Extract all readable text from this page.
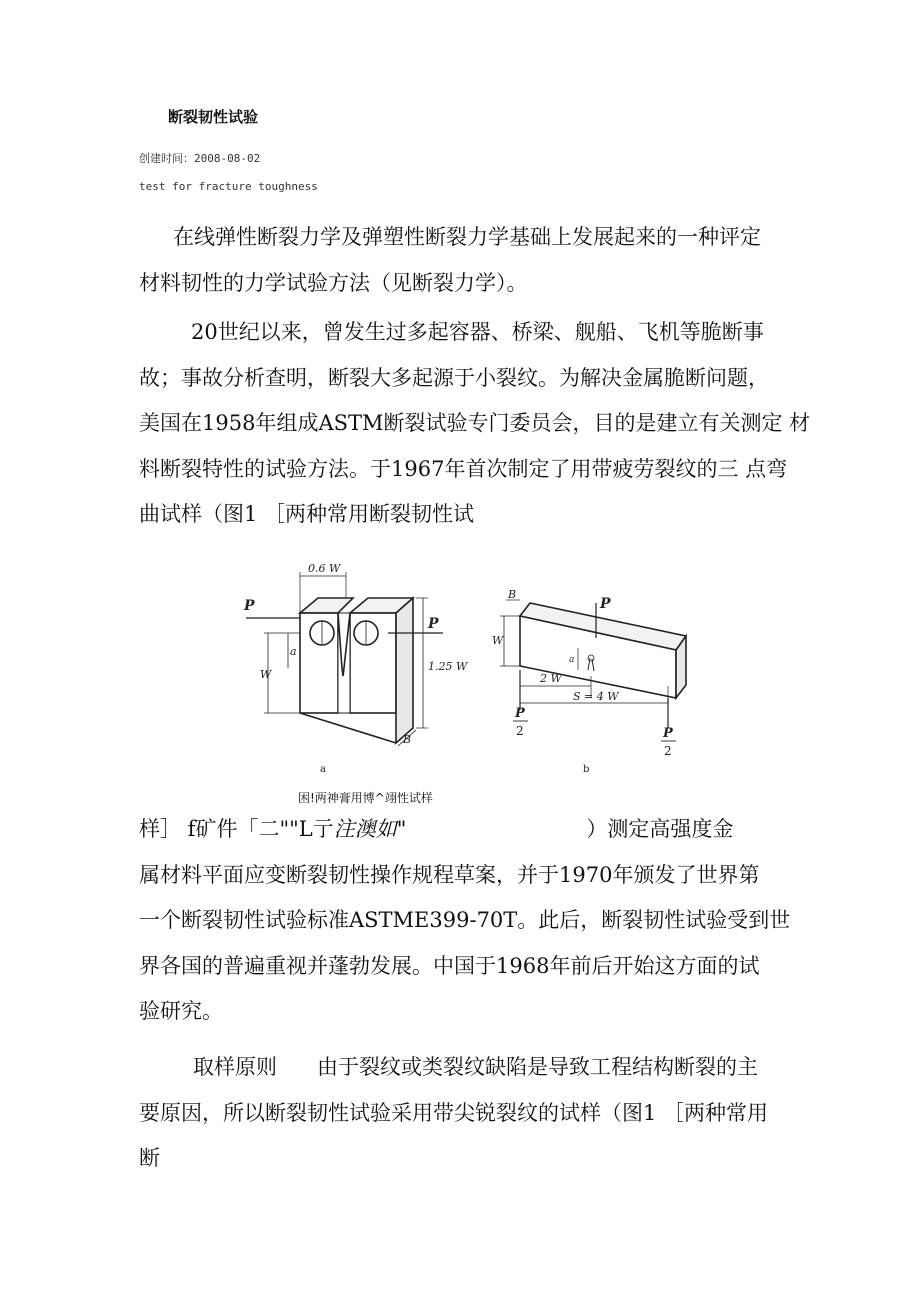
断裂韧性试验
创建时间：2008-08-02
test for fracture toughness

在线弹性断裂力学及弹塑性断裂力学基础上发展起来的一种评定
材料韧性的力学试验方法（见断裂力学）。

20世纪以来，曾发生过多起容器、桥梁、舰船、飞机等脆断事
故；事故分析查明，断裂大多起源于小裂纹。为解决金属脆断问题，
美国在1958年组成ASTM断裂试验专门委员会，目的是建立有关测定 材
料断裂特性的试验方法。于1967年首次制定了用带疲劳裂纹的三 点弯
曲试样（图1 ［两种常用断裂韧性试

0.6 W
P
W
a
P
1.25 W
B
a
B
W
P
a
2 W
S = 4 W
P
2	P
2
b
困!两神膏用博^翊性试样

样］ f矿件「二""L亍注澳如"	）测定高强度金
属材料平面应变断裂韧性操作规程草案，并于1970年颁发了世界第
一个断裂韧性试验标准ASTME399-70T。此后，断裂韧性试验受到世
界各国的普遍重视并蓬勃发展。中国于1968年前后开始这方面的试
验研究。

取样原则 由于裂纹或类裂纹缺陷是导致工程结构断裂的主
要原因，所以断裂韧性试验采用带尖锐裂纹的试样（图1 ［两种常用
断
